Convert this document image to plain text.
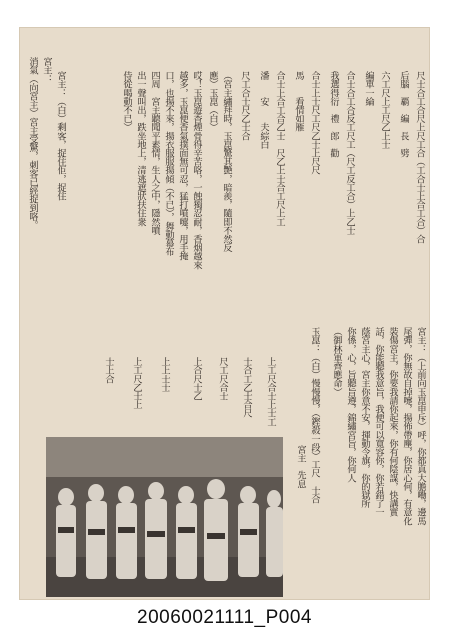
尺士合工合尺上尺工合（工合士上合工合）合
后腦　覇　編　長　劈　
六工尺上工尺乙上士
編單一綸　
合士合工合反工尺工（尺工反工合）上乙士
我選得衍　禮　郎　勸
合士上士尺工尺乙士上尺尺
馬　　看情如雁
合士上合工合乙士　尺乙上士合工尺上工
潘　　安　　夫綜白
尺工合士尺乙士合
（宮主繡拜時，玉崑驚其艷，暗羨，隨即不然反
應）玉崑（白）
哎！玉崑遊香煙骨得辛苦咯，一蝕獨忍耐，香烟越來
越多，玉崑便香氣撲面無可忍，猛打噴嚏，用手掩
口，也揚不來，揚衣服服揚傾（不已），舞動幕布
四周　宮主聽聞平素情，生人之中，隱然噴
出一聲叫出，跌坐地上，清逃遮狀扶住衆
侍從喝動不已）
宮主：
消氣（向宮主）宮主受驚，刺客已經捉到咯。 宮主：（白）剩客，捉住佢，捉住
宮主：（上前向玉崑申斥）呼，你都真大膽嘞，邊馬
尾彈，你無故自掉嚏，揚佈帶塵，你居心何，有意化
裝傷宮主，你要我請你起來，你有何陰謀，快講實
話，你能聽我意旨，我便可以寬容你，你若錯了一
蔭宮主心，宮主你意不安，揮動令旗，你的獄所
你係，心，旨聽旨遵，錦繡宮旨，你何人
（御林軍齊應命）
玉崑：（白）慢慢慢，（鏗殺一段）工尺　士合
　　　宮主　先息
上工尺合士上士工
士合工乙士合尺
尺工尺合士
上合尺士乙
上上士士
上工尺乙士上
士上合
20060021111_P004
